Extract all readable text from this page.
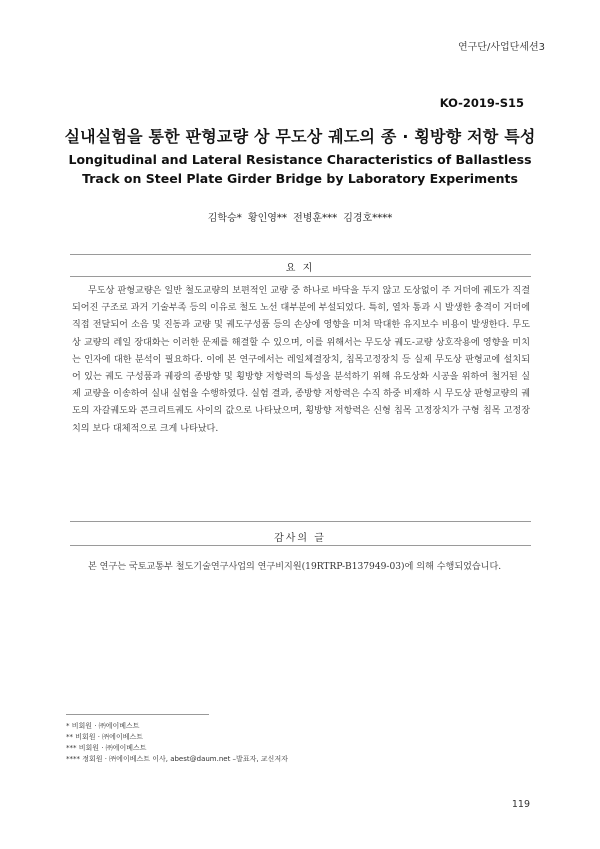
연구단/사업단세션3
KO-2019-S15
실내실험을 통한 판형교량 상 무도상 궤도의 종 · 횡방향 저항 특성
Longitudinal and Lateral Resistance Characteristics of Ballastless Track on Steel Plate Girder Bridge by Laboratory Experiments
김학승* 황인영** 전병훈*** 김경호****
요 지

무도상 판형교량은 일반 철도교량의 보편적인 교량 중 하나로 바닥을 두지 않고 도상없이 주 거더에 궤도가 직결되어진 구조로 과거 기술부족 등의 이유로 철도 노선 대부분에 부설되었다. 특히, 열차 통과 시 발생한 충격이 거더에 직접 전달되어 소음 및 진동과 교량 및 궤도구성품 등의 손상에 영향을 미쳐 막대한 유지보수 비용이 발생한다. 무도상 교량의 레일 장대화는 이러한 문제를 해결할 수 있으며, 이를 위해서는 무도상 궤도-교량 상호작용에 영향을 미치는 인자에 대한 분석이 필요하다. 이에 본 연구에서는 레일체결장치, 침목고정장치 등 실제 무도상 판형교에 설치되어 있는 궤도 구성품과 궤광의 종방향 및 횡방향 저항력의 특성을 분석하기 위해 유도상화 시공을 위하여 철거된 실제 교량을 이송하여 실내 실험을 수행하였다. 실험 결과, 종방향 저항력은 수직 하중 비재하 시 무도상 판형교량의 궤도의 자갈궤도와 콘크리트궤도 사이의 값으로 나타났으며, 횡방향 저항력은 신형 침목 고정장치가 구형 침목 고정장치의 보다 대체적으로 크게 나타났다.

감사의 글

본 연구는 국토교통부 철도기술연구사업의 연구비지원(19RTRP-B137949-03)에 의해 수행되었습니다.

* 비회원 · ㈜에이베스트
** 비회원 · ㈜에이베스트
*** 비회원 · ㈜에이베스트
**** 정회원 · ㈜에이베스트 이사, abest@daum.net –발표자, 교신저자
119
